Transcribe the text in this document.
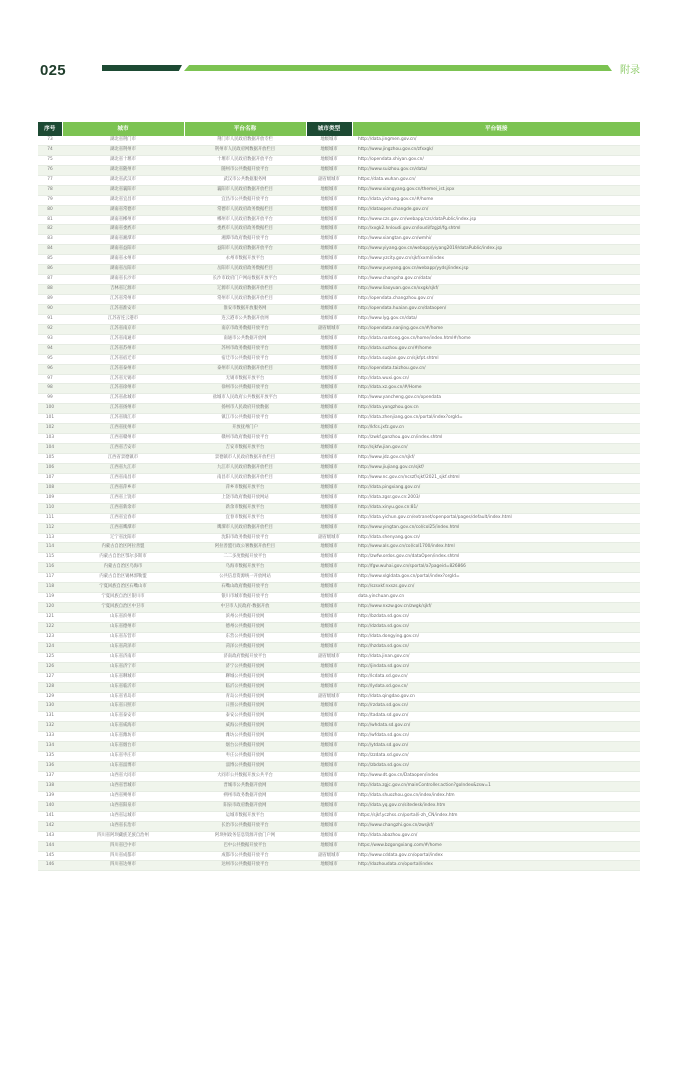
025	附录
序号	城市	平台名称	城市类型	平台链接
73	湖北省荆门市	荆门市人民政府数据开放专栏	地级城市	http://data.jingmen.gov.cn/
74	湖北省荆州市	荆州市人民政府网数据开放栏目	地级城市	http://www.jingzhou.gov.cn/zfxxgk/
75	湖北省十堰市	十堰市人民政府数据开放平台	地级城市	http://opendata.shiyan.gov.cn/
76	湖北省随州市	随州市公共数据开放平台	地级城市	http://www.suizhou.gov.cn/data/
77	湖北省武汉市	武汉市公共数据服务网	副省级城市	https://data.wuhan.gov.cn/
78	湖北省襄阳市	襄阳市人民政府数据开放栏目	地级城市	http://www.xiangyang.gov.cn/themei_ist.jspx
79	湖北省宜昌市	宜昌市公共数据开放平台	地级城市	http://data.yichang.gov.cn/#/home
80	湖南省常德市	常德市人民政府政务数据栏目	地级城市	http://dataopen.changde.gov.cn/
81	湖南省郴州市	郴州市人民政府数据开放平台	地级城市	http://www.czs.gov.cn/webapp/czs/dataPublic/index.jsp
82	湖南省娄底市	娄底市人民政府政务数据栏目	地级城市	http://xxgk2.hnloudi.gov.cn/loudi/fzgjzl/fg.shtml
83	湖南省湘潭市	湘潭市政府数据开放平台	地级城市	http://www.xiangtan.gov.cn/wmhi/
84	湖南省益阳市	益阳市人民政府数据开放平台	地级城市	http://www.yiyang.gov.cn/webapp/yiyang2019/dataPublic/index.jsp
85	湖南省永州市	永州市数据开放平台	地级城市	http://www.yzcity.gov.cn/sjkf/xxml/index
86	湖南省岳阳市	岳阳市人民政府政务数据栏目	地级城市	http://www.yueyang.gov.cn/webapp/yydsj/index.jsp
87	湖南省长沙市	长沙市政府门户网站数据开放平台	地级城市	http://www.changsha.gov.cn/data/
88	吉林省辽源市	辽源市人民政府数据开放栏目	地级城市	http://www.liaoyuan.gov.cn/xxgk/sjkf/
89	江苏省常州市	常州市人民政府数据开放栏目	地级城市	http://opendata.changzhou.gov.cn/
90	江苏省淮安市	淮安市数据开放服务网	地级城市	http://opendata.huaian.gov.cn/dataopen/
91	江苏省连云港市	连云港市公共数据开放网	地级城市	http://www.lyg.gov.cn/data/
92	江苏省南京市	南京市政务数据开放平台	副省级城市	http://opendata.nanjing.gov.cn/#/home
93	江苏省南通市	南通市公共数据开放网	地级城市	http://data.nantong.gov.cn/home/index.html#/home
94	江苏省苏州市	苏州市政务数据开放平台	地级城市	http://data.suzhou.gov.cn/#/home
95	江苏省宿迁市	宿迁市公共数据开放平台	地级城市	http://data.suqian.gov.cn/sjkfpt.shtml
96	江苏省泰州市	泰州市人民政府数据开放栏目	地级城市	http://opendata.taizhou.gov.cn/
97	江苏省无锡市	无锡市数据开放平台	地级城市	http://data.wuxi.gov.cn/
98	江苏省徐州市	徐州市公共数据开放平台	地级城市	http://data.xz.gov.cn/#/Home
99	江苏省盐城市	盐城市人民政府公共数据开放平台	地级城市	http://www.yancheng.gov.cn/opendata
100	江苏省扬州市	扬州市人民政府开放数据	地级城市	http://data.yangzhou.gov.cn
101	江苏省镇江市	镇江市公共数据开放平台	地级城市	http://data.zhenjiang.gov.cn/portal/index?orgId=
102	江西省抚州市	开放抚州门户	地级城市	http://kfcs.jxfz.gov.cn
103	江西省赣州市	赣州市政府数据开放平台	地级城市	http://zwkf.ganzhou.gov.cn/index.shtml
104	江西省吉安市	吉安市数据开放平台	地级城市	http://sjkfw.jian.gov.cn/
105	江西省景德镇市	景德镇市人民政府数据开放栏目	地级城市	http://www.jdz.gov.cn/sjkf/
106	江西省九江市	九江市人民政府数据开放栏目	地级城市	http://www.jiujiang.gov.cn/sjkf/
107	江西省南昌市	南昌市人民政府数据开放栏目	地级城市	http://www.nc.gov.cn/ncszf/sjkf/2021_sjkf.shtml
108	江西省萍乡市	萍乡市数据开放平台	地级城市	http://data.pingxiang.gov.cn/
109	江西省上饶市	上饶市政府数据开放网站	地级城市	http://data.zgsr.gov.cn:2003/
110	江西省新余市	新余市数据开放平台	地级城市	http://data.xinyu.gov.cn:81/
111	江西省宜春市	宜春市数据开放平台	地级城市	http://data.yichun.gov.cn/extranet/openportal/pages/default/index.html
112	江西省鹰潭市	鹰潭市人民政府数据开放栏目	地级城市	http://www.yingtan.gov.cn/col/col25/index.html
113	辽宁省沈阳市	沈阳市政务数据开放平台	副省级城市	http://data.shenyang.gov.cn/
114	内蒙古自治区阿拉善盟	阿拉善盟行政公署数据开放栏目	地级城市	http://www.als.gov.cn/col/col1700/index.html
115	内蒙古自治区鄂尔多斯市	二二多度数据开放平台	地级城市	http://zwfw.ordos.gov.cn/dataOpen/index.shtml
116	内蒙古自治区乌海市	乌海市数据开放平台	地级城市	http://fgw.wuhai.gov.cn/sportal/a7pageid=826866
117	内蒙古自治区锡林郭勒盟	公共信息资源统一开放网站	地级城市	http://www.xlgldata.gov.cn/portal/index?orgId=
118	宁夏回族自治区石嘴山市	石嘴山政府数据开放平台	地级城市	http://szsxkf.nxszs.gov.cn/
119	宁夏回族自治区银川市	银川市城市数据开放平台	地级城市	data.yinchuan.gov.cn
120	宁夏回族自治区中卫市	中卫市人民政府-数据开放	地级城市	http://www.nxzw.gov.cn/zwgk/sjkf/
121	山东省滨州市	滨州公共数据开放网	地级城市	http://bzdata.sd.gov.cn/
122	山东省德州市	德州公共数据开放网	地级城市	http://dzdata.sd.gov.cn/
123	山东省东营市	东营公共数据开放网	地级城市	http://data.dongying.gov.cn/
124	山东省菏泽市	菏泽公共数据开放网	地级城市	http://hzdata.sd.gov.cn/
125	山东省济南市	济南政府数据开放平台	副省级城市	http://data.jinan.gov.cn/
126	山东省济宁市	济宁公共数据开放网	地级城市	http://jindata.sd.gov.cn/
127	山东省聊城市	聊城公共数据开放网	地级城市	http://lcdata.sd.gov.cn/
128	山东省临沂市	临沂公共数据开放网	地级城市	http://lydata.sd.gov.cn/
129	山东省青岛市	青岛公共数据开放网	副省级城市	http://data.qingdao.gov.cn
130	山东省日照市	日照公共数据开放网	地级城市	http://rzdata.sd.gov.cn/
131	山东省泰安市	泰安公共数据开放网	地级城市	http://tadata.sd.gov.cn/
132	山东省威海市	威海公共数据开放网	地级城市	http://whdata.sd.gov.cn/
133	山东省潍坊市	潍坊公共数据开放网	地级城市	http://wfdata.sd.gov.cn/
134	山东省烟台市	烟台公共数据开放网	地级城市	http://ytdata.sd.gov.cn/
135	山东省枣庄市	枣庄公共数据开放网	地级城市	http://zzdata.sd.gov.cn/
136	山东省淄博市	淄博公共数据开放网	地级城市	http://zbdata.sd.gov.cn/
137	山西省大同市	大同市公共数据开放公共平台	地级城市	http://www.dt.gov.cn/Dataopen/index
138	山西省晋城市	晋城市公共数据开放网	地级城市	http://data.zgjc.gov.cn/mainController.action?goIndex&zsw=1
139	山西省朔州市	朔州市政务数据开放网	地级城市	http://data.shuozhou.gov.cn/index/index.htm
140	山西省阳泉市	阳泉市政府数据开放网	地级城市	http://data.yq.gov.cn/sitedesk/index.htm
141	山西省运城市	运城市数据开放平台	地级城市	https://sjkf.yczhss.cn/portal/i-zh_CN/index.htm
142	山西省长治市	长治市公共数据开放平台	地级城市	http://www.changzhi.gov.cn/zwsjkf/
143	四川省阿坝藏族羌族自治州	阿坝州政务信息资源开放门户网	地级城市	http://data.abazhou.gov.cn/
144	四川省巴中市	巴中公共数据开放平台	地级城市	https://www.bzgongxiang.com/#/home
145	四川省成都市	成都市公共数据开放平台	副省级城市	http://www.cddata.gov.cn/oportal/index
146	四川省达州市	达州市公共数据开放平台	地级城市	http://dazhoudata.cn/oportal/index
